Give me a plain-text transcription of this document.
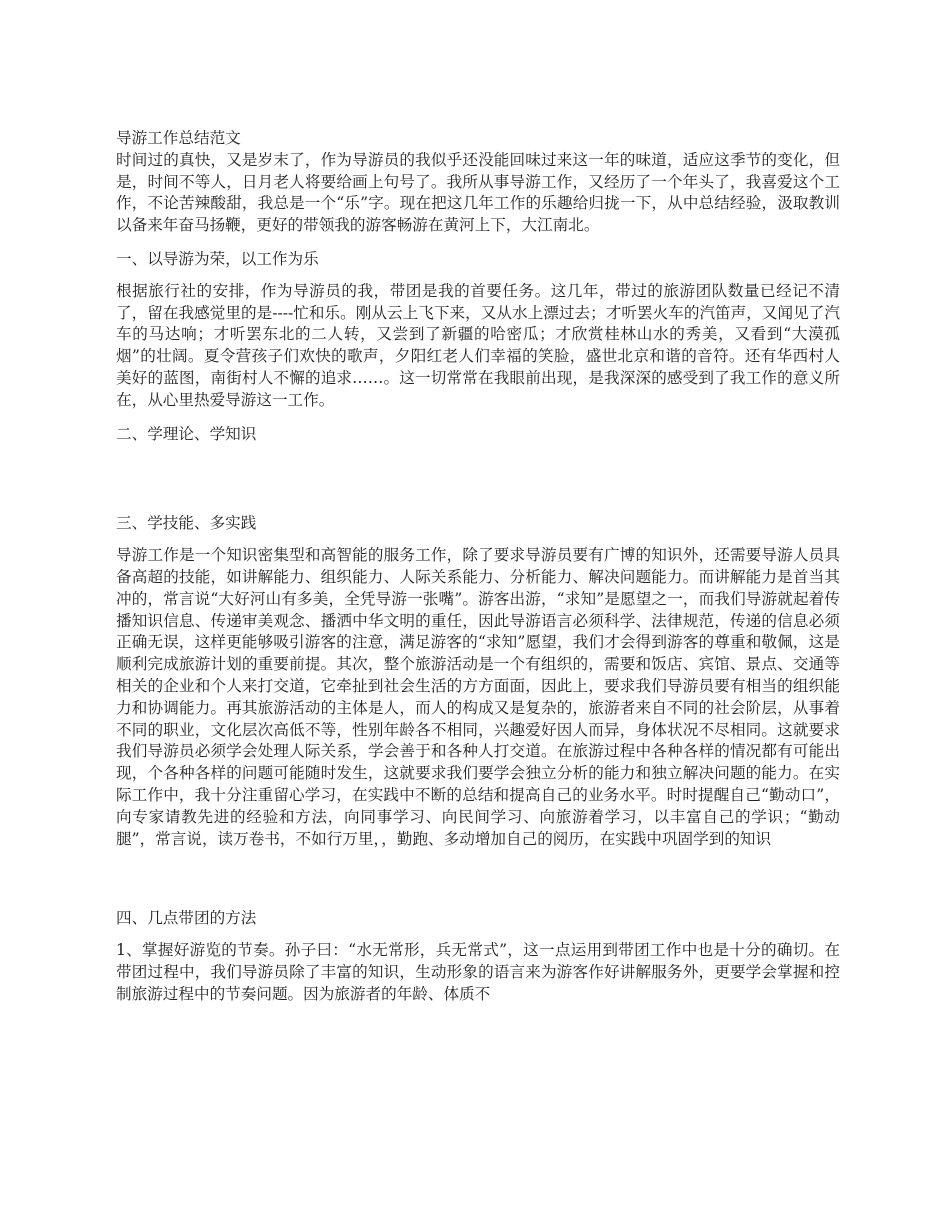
导游工作总结范文

时间过的真快，又是岁末了，作为导游员的我似乎还没能回味过来这一年的味道，适应这季节的变化，但是，时间不等人，日月老人将要给画上句号了。我所从事导游工作，又经历了一个年头了，我喜爱这个工作，不论苦辣酸甜，我总是一个“乐”字。现在把这几年工作的乐趣给归拢一下，从中总结经验，汲取教训以备来年奋马扬鞭，更好的带领我的游客畅游在黄河上下，大江南北。

一、以导游为荣，以工作为乐

根据旅行社的安排，作为导游员的我，带团是我的首要任务。这几年，带过的旅游团队数量已经记不清了，留在我感觉里的是----忙和乐。刚从云上飞下来，又从水上漂过去；才听罢火车的汽笛声，又闻见了汽车的马达响；才听罢东北的二人转，又尝到了新疆的哈密瓜；才欣赏桂林山水的秀美，又看到“大漠孤烟”的壮阔。夏令营孩子们欢快的歌声，夕阳红老人们幸福的笑脸，盛世北京和谐的音符。还有华西村人美好的蓝图，南街村人不懈的追求……。这一切常常在我眼前出现，是我深深的感受到了我工作的意义所在，从心里热爱导游这一工作。

二、学理论、学知识

三、学技能、多实践

导游工作是一个知识密集型和高智能的服务工作，除了要求导游员要有广博的知识外，还需要导游人员具备高超的技能，如讲解能力、组织能力、人际关系能力、分析能力、解决问题能力。而讲解能力是首当其冲的，常言说“大好河山有多美，全凭导游一张嘴”。游客出游，“求知”是愿望之一，而我们导游就起着传播知识信息、传递审美观念、播洒中华文明的重任，因此导游语言必须科学、法律规范，传递的信息必须正确无误，这样更能够吸引游客的注意，满足游客的“求知”愿望，我们才会得到游客的尊重和敬佩，这是顺利完成旅游计划的重要前提。其次，整个旅游活动是一个有组织的，需要和饭店、宾馆、景点、交通等相关的企业和个人来打交道，它牵扯到社会生活的方方面面，因此上，要求我们导游员要有相当的组织能力和协调能力。再其旅游活动的主体是人，而人的构成又是复杂的，旅游者来自不同的社会阶层，从事着不同的职业，文化层次高低不等，性别年龄各不相同，兴趣爱好因人而异，身体状况不尽相同。这就要求我们导游员必须学会处理人际关系，学会善于和各种人打交道。在旅游过程中各种各样的情况都有可能出现，个各种各样的问题可能随时发生，这就要求我们要学会独立分析的能力和独立解决问题的能力。在实际工作中，我十分注重留心学习，在实践中不断的总结和提高自己的业务水平。时时提醒自己“勤动口”，向专家请教先进的经验和方法，向同事学习、向民间学习、向旅游着学习，以丰富自己的学识；“勤动腿”，常言说，读万卷书，不如行万里，，勤跑、多动增加自己的阅历，在实践中巩固学到的知识

四、几点带团的方法

1、掌握好游览的节奏。孙子曰：“水无常形，兵无常式”，这一点运用到带团工作中也是十分的确切。在带团过程中，我们导游员除了丰富的知识，生动形象的语言来为游客作好讲解服务外，更要学会掌握和控制旅游过程中的节奏问题。因为旅游者的年龄、体质不
